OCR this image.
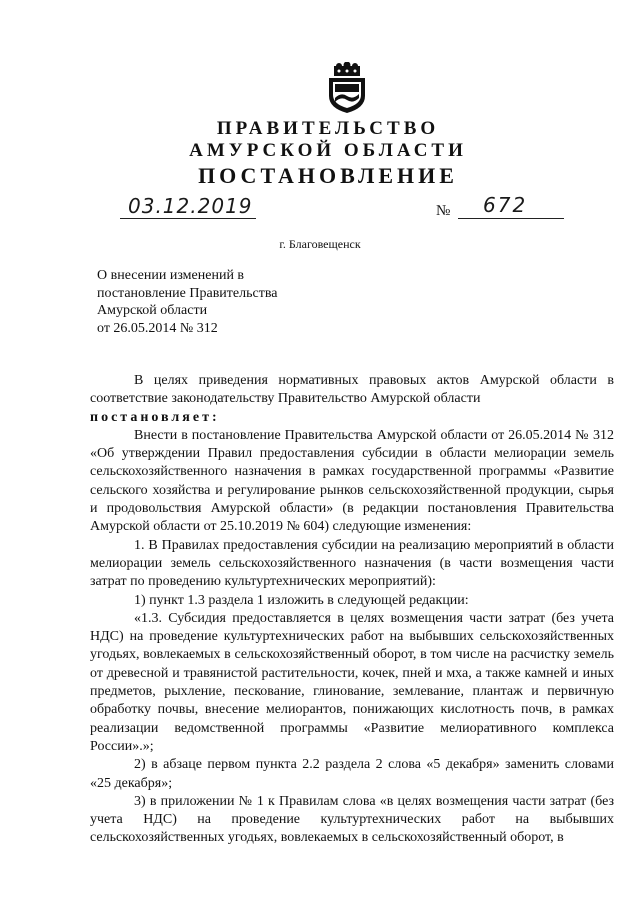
ПРАВИТЕЛЬСТВО
АМУРСКОЙ ОБЛАСТИ
ПОСТАНОВЛЕНИЕ
03.12.2019	№ 672
г. Благовещенск
О внесении изменений в
постановление Правительства
Амурской области
от 26.05.2014 № 312
В целях приведения нормативных правовых актов Амурской области в соответствие законодательству Правительство Амурской области
постановляет:
Внести в постановление Правительства Амурской области от 26.05.2014 № 312 «Об утверждении Правил предоставления субсидии в области мелиорации земель сельскохозяйственного назначения в рамках государственной программы «Развитие сельского хозяйства и регулирование рынков сельскохозяйственной продукции, сырья и продовольствия Амурской области» (в редакции постановления Правительства Амурской области от 25.10.2019 № 604) следующие изменения:
1. В Правилах предоставления субсидии на реализацию мероприятий в области мелиорации земель сельскохозяйственного назначения (в части возмещения части затрат по проведению культуртехнических мероприятий):
1) пункт 1.3 раздела 1 изложить в следующей редакции:
«1.3. Субсидия предоставляется в целях возмещения части затрат (без учета НДС) на проведение культуртехнических работ на выбывших сельскохозяйственных угодьях, вовлекаемых в сельскохозяйственный оборот, в том числе на расчистку земель от древесной и травянистой растительности, кочек, пней и мха, а также камней и иных предметов, рыхление, пескование, глинование, землевание, плантаж и первичную обработку почвы, внесение мелиорантов, понижающих кислотность почв, в рамках реализации ведомственной программы «Развитие мелиоративного комплекса России».»;
2) в абзаце первом пункта 2.2 раздела 2 слова «5 декабря» заменить словами «25 декабря»;
3) в приложении № 1 к Правилам слова «в целях возмещения части затрат (без учета НДС) на проведение культуртехнических работ на выбывших сельскохозяйственных угодьях, вовлекаемых в сельскохозяйственный оборот, в
